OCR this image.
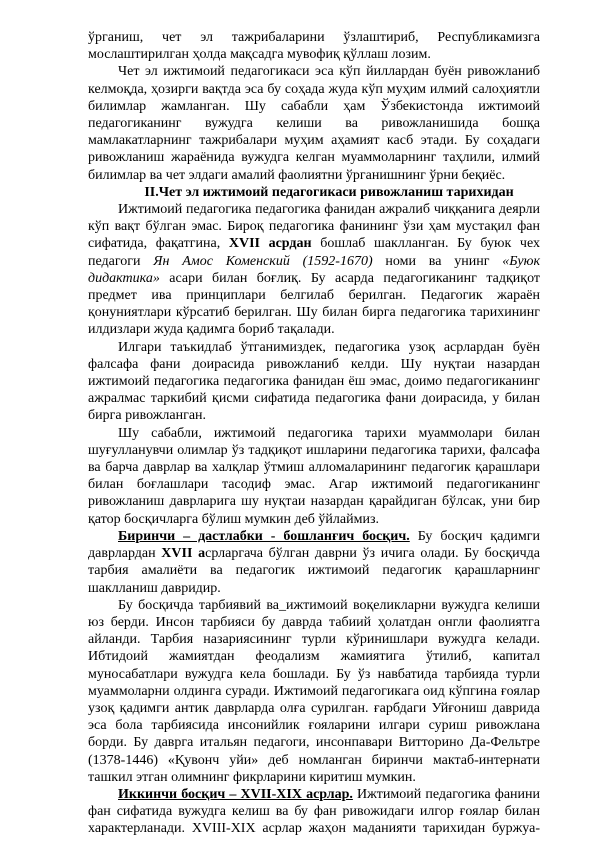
ўрганиш, чет эл тажрибаларини ўзлаштириб, Республикамизга мослаштирилган ҳолда мақсадга мувофиқ қўллаш лозим.

Чет эл ижтимоий педагогикаси эса кўп йиллардан буён ривожланиб келмоқда, ҳозирги вақтда эса бу соҳада жуда кўп муҳим илмий салоҳиятли билимлар жамланган. Шу сабабли ҳам Ўзбекистонда ижтимоий педагогиканинг вужудга келиши ва ривожланишида бошқа мамлакатларнинг тажрибалари муҳим аҳамият касб этади. Бу соҳадаги ривожланиш жараёнида вужудга келган муаммоларнинг таҳлили, илмий билимлар ва чет элдаги амалий фаолиятни ўрганишнинг ўрни беқиёс.

II.Чет эл ижтимоий педагогикаси ривожланиш тарихидан

Ижтимоий педагогика педагогика фанидан ажралиб чиққанига деярли кўп вақт бўлган эмас. Бироқ педагогика фанининг ўзи ҳам мустақил фан сифатида, фақатгина, XVII асрдан бошлаб шаклланган. Бу буюк чех педагоги Ян Амос Коменский (1592-1670) номи ва унинг «Буюк дидактика» асари билан боғлиқ. Бу асарда педагогиканинг тадқиқот предмет ива принциплари белгилаб берилган. Педагогик жараён қонуниятлари кўрсатиб берилган. Шу билан бирга педагогика тарихининг илдизлари жуда қадимга бориб тақалади.

Илгари таъкидлаб ўтганимиздек, педагогика узоқ асрлардан буён фалсафа фани доирасида ривожланиб келди. Шу нуқтаи назардан ижтимоий педагогика педагогика фанидан ёш эмас, доимо педагогиканинг ажралмас таркибий қисми сифатида педагогика фани доирасида, у билан бирга ривожланган.

Шу сабабли, ижтимоий педагогика тарихи муаммолари билан шуғулланувчи олимлар ўз тадқиқот ишларини педагогика тарихи, фалсафа ва барча даврлар ва халқлар ўтмиш алломаларининг педагогик қарашлари билан боғлашлари тасодиф эмас. Агар ижтимоий педагогиканинг ривожланиш даврларига шу нуқтаи назардан қарайдиган бўлсак, уни бир қатор босқичларга бўлиш мумкин деб ўйлаймиз.

Биринчи – дастлабки - бошланғич босқич. Бу босқич қадимги даврлардан XVII асрларгача бўлган даврни ўз ичига олади. Бу босқичда тарбия амалиёти ва педагогик ижтимоий педагогик қарашларнинг шаклланиш давридир.

Бу босқичда тарбиявий ва_ижтимоий воқеликларни вужудга келиши юз берди. Инсон тарбияси бу даврда табиий ҳолатдан онгли фаолиятга айланди. Тарбия назариясининг турли кўринишлари вужудга келади. Ибтидоий жамиятдан феодализм жамиятига ўтилиб, капитал муносабатлари вужудга кела бошлади. Бу ўз навбатида тарбияда турли муаммоларни олдинга суради. Ижтимоий педагогикага оид кўпгина ғоялар узоқ қадимги антик даврларда олға сурилган. ғарбдаги Уйғониш даврида эса бола тарбиясида инсонийлик ғояларини илгари суриш ривожлана борди. Бу даврга итальян педагоги, инсонпавари Витторино Да-Фельтре (1378-1446) «Қувонч уйи» деб номланган биринчи мактаб-интернати ташкил этган олимнинг фикрларини киритиш мумкин.

Иккинчи босқич – XVII-XIX асрлар. Ижтимоий педагогика фанини фан сифатида вужудга келиш ва бу фан ривожидаги илгор ғоялар билан характерланади. XVIII-XIX асрлар жаҳон маданияти тарихидан буржуа-
